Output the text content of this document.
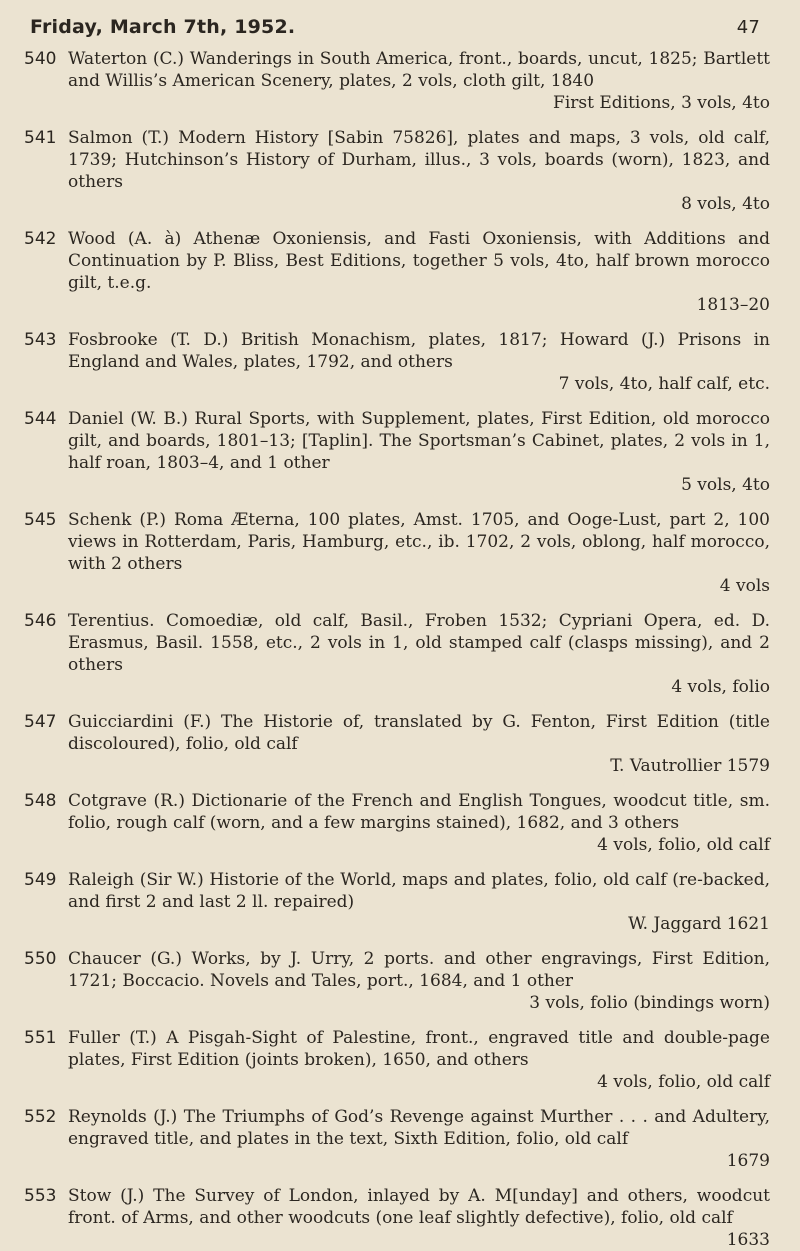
Friday, March 7th, 1952.	47
540 Waterton (C.) Wanderings in South America, front., boards, uncut, 1825; Bartlett and Willis’s American Scenery, plates, 2 vols, cloth gilt, 1840
First Editions, 3 vols, 4to
541 Salmon (T.) Modern History [Sabin 75826], plates and maps, 3 vols, old calf, 1739; Hutchinson’s History of Durham, illus., 3 vols, boards (worn), 1823, and others
8 vols, 4to
542 Wood (A. à) Athenæ Oxoniensis, and Fasti Oxoniensis, with Additions and Continuation by P. Bliss, Best Editions, together 5 vols, 4to, half brown morocco gilt, t.e.g.
1813–20
543 Fosbrooke (T. D.) British Monachism, plates, 1817; Howard (J.) Prisons in England and Wales, plates, 1792, and others
7 vols, 4to, half calf, etc.
544 Daniel (W. B.) Rural Sports, with Supplement, plates, First Edition, old morocco gilt, and boards, 1801–13; [Taplin]. The Sportsman’s Cabinet, plates, 2 vols in 1, half roan, 1803–4, and 1 other
5 vols, 4to
545 Schenk (P.) Roma Æterna, 100 plates, Amst. 1705, and Ooge-Lust, part 2, 100 views in Rotterdam, Paris, Hamburg, etc., ib. 1702, 2 vols, oblong, half morocco, with 2 others
4 vols
546 Terentius. Comoediæ, old calf, Basil., Froben 1532; Cypriani Opera, ed. D. Erasmus, Basil. 1558, etc., 2 vols in 1, old stamped calf (clasps missing), and 2 others
4 vols, folio
547 Guicciardini (F.) The Historie of, translated by G. Fenton, First Edition (title discoloured), folio, old calf
T. Vautrollier 1579
548 Cotgrave (R.) Dictionarie of the French and English Tongues, woodcut title, sm. folio, rough calf (worn, and a few margins stained), 1682, and 3 others
4 vols, folio, old calf
549 Raleigh (Sir W.) Historie of the World, maps and plates, folio, old calf (re-backed, and first 2 and last 2 ll. repaired)
W. Jaggard 1621
550 Chaucer (G.) Works, by J. Urry, 2 ports. and other engravings, First Edition, 1721; Boccacio. Novels and Tales, port., 1684, and 1 other
3 vols, folio (bindings worn)
551 Fuller (T.) A Pisgah-Sight of Palestine, front., engraved title and double-page plates, First Edition (joints broken), 1650, and others
4 vols, folio, old calf
552 Reynolds (J.) The Triumphs of God’s Revenge against Murther . . . and Adultery, engraved title, and plates in the text, Sixth Edition, folio, old calf
1679
553 Stow (J.) The Survey of London, inlayed by A. M[unday] and others, woodcut front. of Arms, and other woodcuts (one leaf slightly defective), folio, old calf
1633
